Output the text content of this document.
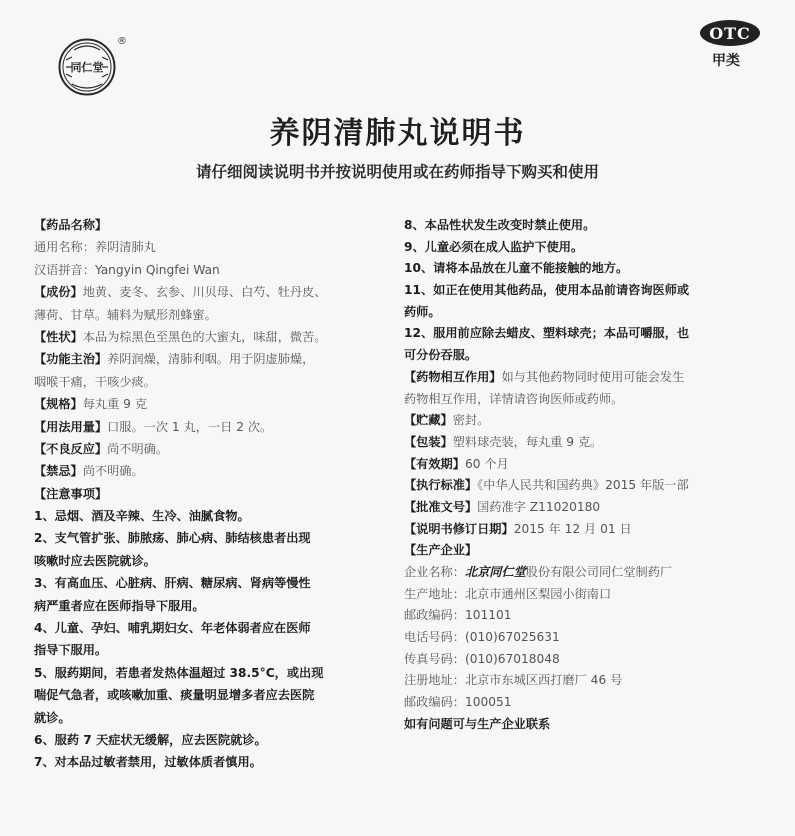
同仁堂
®	OTC
甲类
养阴清肺丸说明书
请仔细阅读说明书并按说明使用或在药师指导下购买和使用
【药品名称】
通用名称：养阴清肺丸
汉语拼音：Yangyin Qingfei Wan
【成份】地黄、麦冬、玄参、川贝母、白芍、牡丹皮、
薄荷、甘草。辅料为赋形剂蜂蜜。
【性状】本品为棕黑色至黑色的大蜜丸，味甜，微苦。
【功能主治】养阴润燥，清肺利咽。用于阴虚肺燥，
咽喉干痛，干咳少痰。
【规格】每丸重 9 克
【用法用量】口服。一次 1 丸，一日 2 次。
【不良反应】尚不明确。
【禁忌】尚不明确。
【注意事项】
1、忌烟、酒及辛辣、生冷、油腻食物。
2、支气管扩张、肺脓疡、肺心病、肺结核患者出现
咳嗽时应去医院就诊。
3、有高血压、心脏病、肝病、糖尿病、肾病等慢性
病严重者应在医师指导下服用。
4、儿童、孕妇、哺乳期妇女、年老体弱者应在医师
指导下服用。
5、服药期间，若患者发热体温超过 38.5°C，或出现
喘促气急者，或咳嗽加重、痰量明显增多者应去医院
就诊。
6、服药 7 天症状无缓解，应去医院就诊。
7、对本品过敏者禁用，过敏体质者慎用。
8、本品性状发生改变时禁止使用。
9、儿童必须在成人监护下使用。
10、请将本品放在儿童不能接触的地方。
11、如正在使用其他药品，使用本品前请咨询医师或
药师。
12、服用前应除去蜡皮、塑料球壳；本品可嚼服，也
可分份吞服。
【药物相互作用】如与其他药物同时使用可能会发生
药物相互作用，详情请咨询医师或药师。
【贮藏】密封。
【包装】塑料球壳装，每丸重 9 克。
【有效期】60 个月
【执行标准】《中华人民共和国药典》2015 年版一部
【批准文号】国药准字 Z11020180
【说明书修订日期】2015 年 12 月 01 日
【生产企业】
企业名称：北京同仁堂股份有限公司同仁堂制药厂
生产地址：北京市通州区梨园小街南口
邮政编码：101101
电话号码：(010)67025631
传真号码：(010)67018048
注册地址：北京市东城区西打磨厂 46 号
邮政编码：100051
如有问题可与生产企业联系
